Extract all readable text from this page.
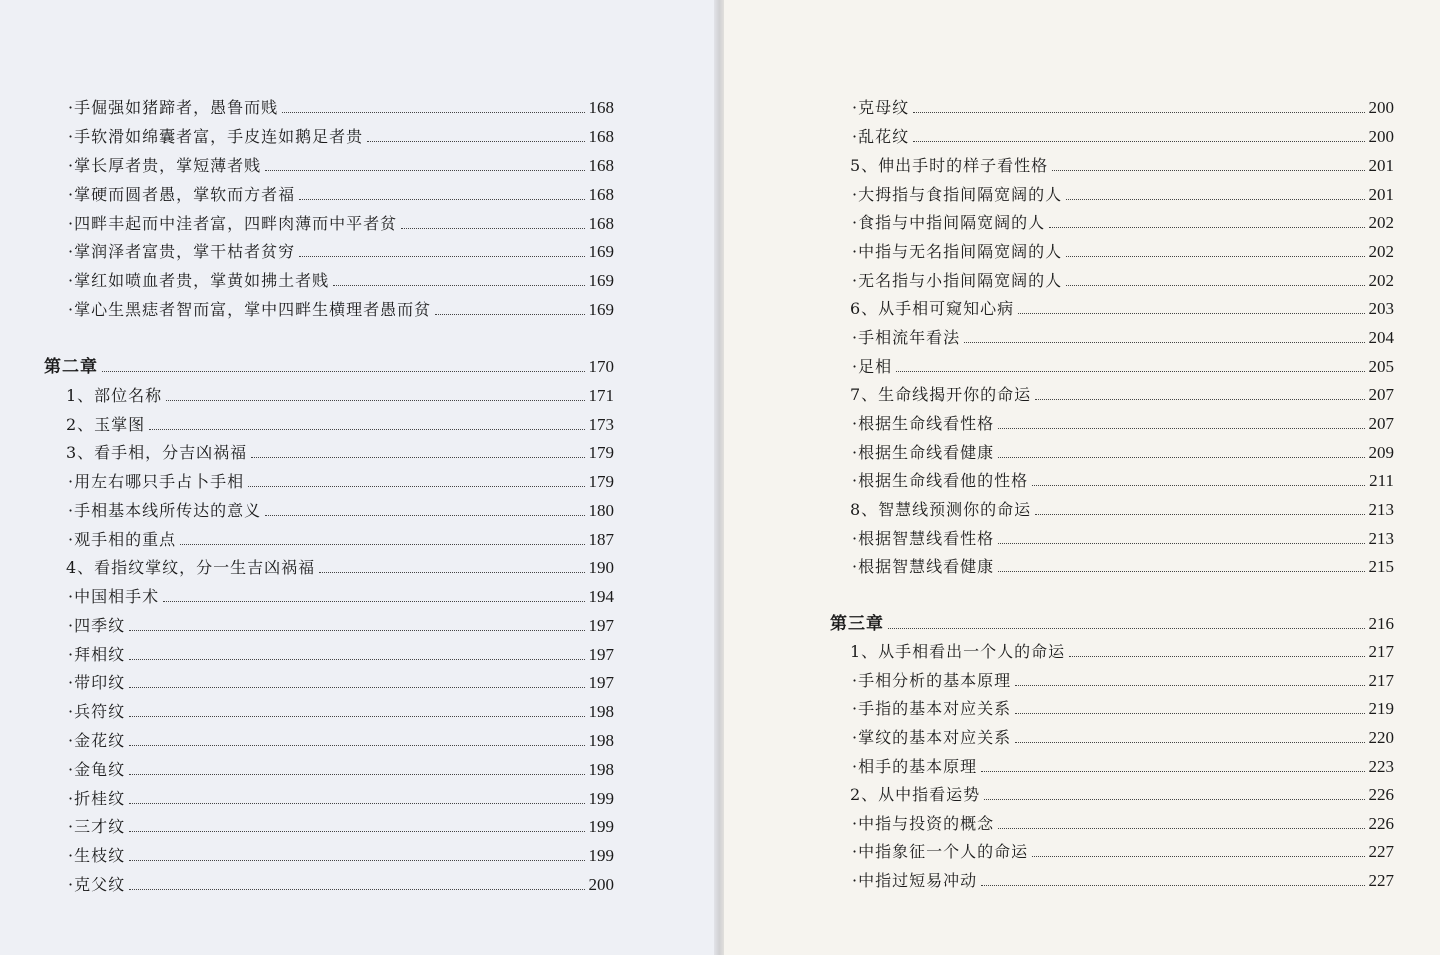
·手倔强如猪蹄者，愚鲁而贱	168
·手软滑如绵囊者富，手皮连如鹅足者贵	168
·掌长厚者贵，掌短薄者贱	168
·掌硬而圆者愚，掌软而方者福	168
·四畔丰起而中洼者富，四畔肉薄而中平者贫	168
·掌润泽者富贵，掌干枯者贫穷	169
·掌红如喷血者贵，掌黄如拂土者贱	169
·掌心生黑痣者智而富，掌中四畔生横理者愚而贫	169
第二章	170
1、部位名称	171
2、玉掌图	173
3、看手相，分吉凶祸福	179
·用左右哪只手占卜手相	179
·手相基本线所传达的意义	180
·观手相的重点	187
4、看指纹掌纹，分一生吉凶祸福	190
·中国相手术	194
·四季纹	197
·拜相纹	197
·带印纹	197
·兵符纹	198
·金花纹	198
·金龟纹	198
·折桂纹	199
·三才纹	199
·生枝纹	199
·克父纹	200
·克母纹	200
·乱花纹	200
5、伸出手时的样子看性格	201
·大拇指与食指间隔宽阔的人	201
·食指与中指间隔宽阔的人	202
·中指与无名指间隔宽阔的人	202
·无名指与小指间隔宽阔的人	202
6、从手相可窥知心病	203
·手相流年看法	204
·足相	205
7、生命线揭开你的命运	207
·根据生命线看性格	207
·根据生命线看健康	209
·根据生命线看他的性格	211
8、智慧线预测你的命运	213
·根据智慧线看性格	213
·根据智慧线看健康	215
第三章	216
1、从手相看出一个人的命运	217
·手相分析的基本原理	217
·手指的基本对应关系	219
·掌纹的基本对应关系	220
·相手的基本原理	223
2、从中指看运势	226
·中指与投资的概念	226
·中指象征一个人的命运	227
·中指过短易冲动	227
